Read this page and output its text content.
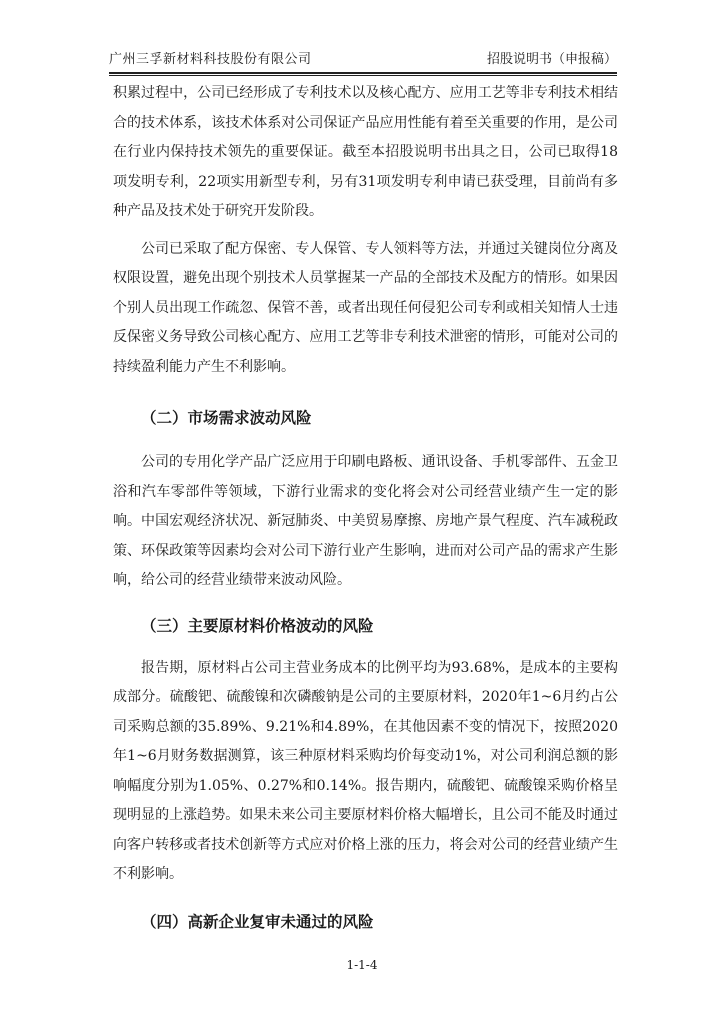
广州三孚新材料科技股份有限公司	招股说明书（申报稿）

积累过程中，公司已经形成了专利技术以及核心配方、应用工艺等非专利技术相结合的技术体系，该技术体系对公司保证产品应用性能有着至关重要的作用，是公司在行业内保持技术领先的重要保证。截至本招股说明书出具之日，公司已取得18项发明专利，22项实用新型专利，另有31项发明专利申请已获受理，目前尚有多种产品及技术处于研究开发阶段。

公司已采取了配方保密、专人保管、专人领料等方法，并通过关键岗位分离及权限设置，避免出现个别技术人员掌握某一产品的全部技术及配方的情形。如果因个别人员出现工作疏忽、保管不善，或者出现任何侵犯公司专利或相关知情人士违反保密义务导致公司核心配方、应用工艺等非专利技术泄密的情形，可能对公司的持续盈利能力产生不利影响。

（二）市场需求波动风险

公司的专用化学产品广泛应用于印刷电路板、通讯设备、手机零部件、五金卫浴和汽车零部件等领域，下游行业需求的变化将会对公司经营业绩产生一定的影响。中国宏观经济状况、新冠肺炎、中美贸易摩擦、房地产景气程度、汽车减税政策、环保政策等因素均会对公司下游行业产生影响，进而对公司产品的需求产生影响，给公司的经营业绩带来波动风险。

（三）主要原材料价格波动的风险

报告期，原材料占公司主营业务成本的比例平均为93.68%，是成本的主要构成部分。硫酸钯、硫酸镍和次磷酸钠是公司的主要原材料，2020年1~6月约占公司采购总额的35.89%、9.21%和4.89%，在其他因素不变的情况下，按照2020年1~6月财务数据测算，该三种原材料采购均价每变动1%，对公司利润总额的影响幅度分别为1.05%、0.27%和0.14%。报告期内，硫酸钯、硫酸镍采购价格呈现明显的上涨趋势。如果未来公司主要原材料价格大幅增长，且公司不能及时通过向客户转移或者技术创新等方式应对价格上涨的压力，将会对公司的经营业绩产生不利影响。

（四）高新企业复审未通过的风险
1-1-4
